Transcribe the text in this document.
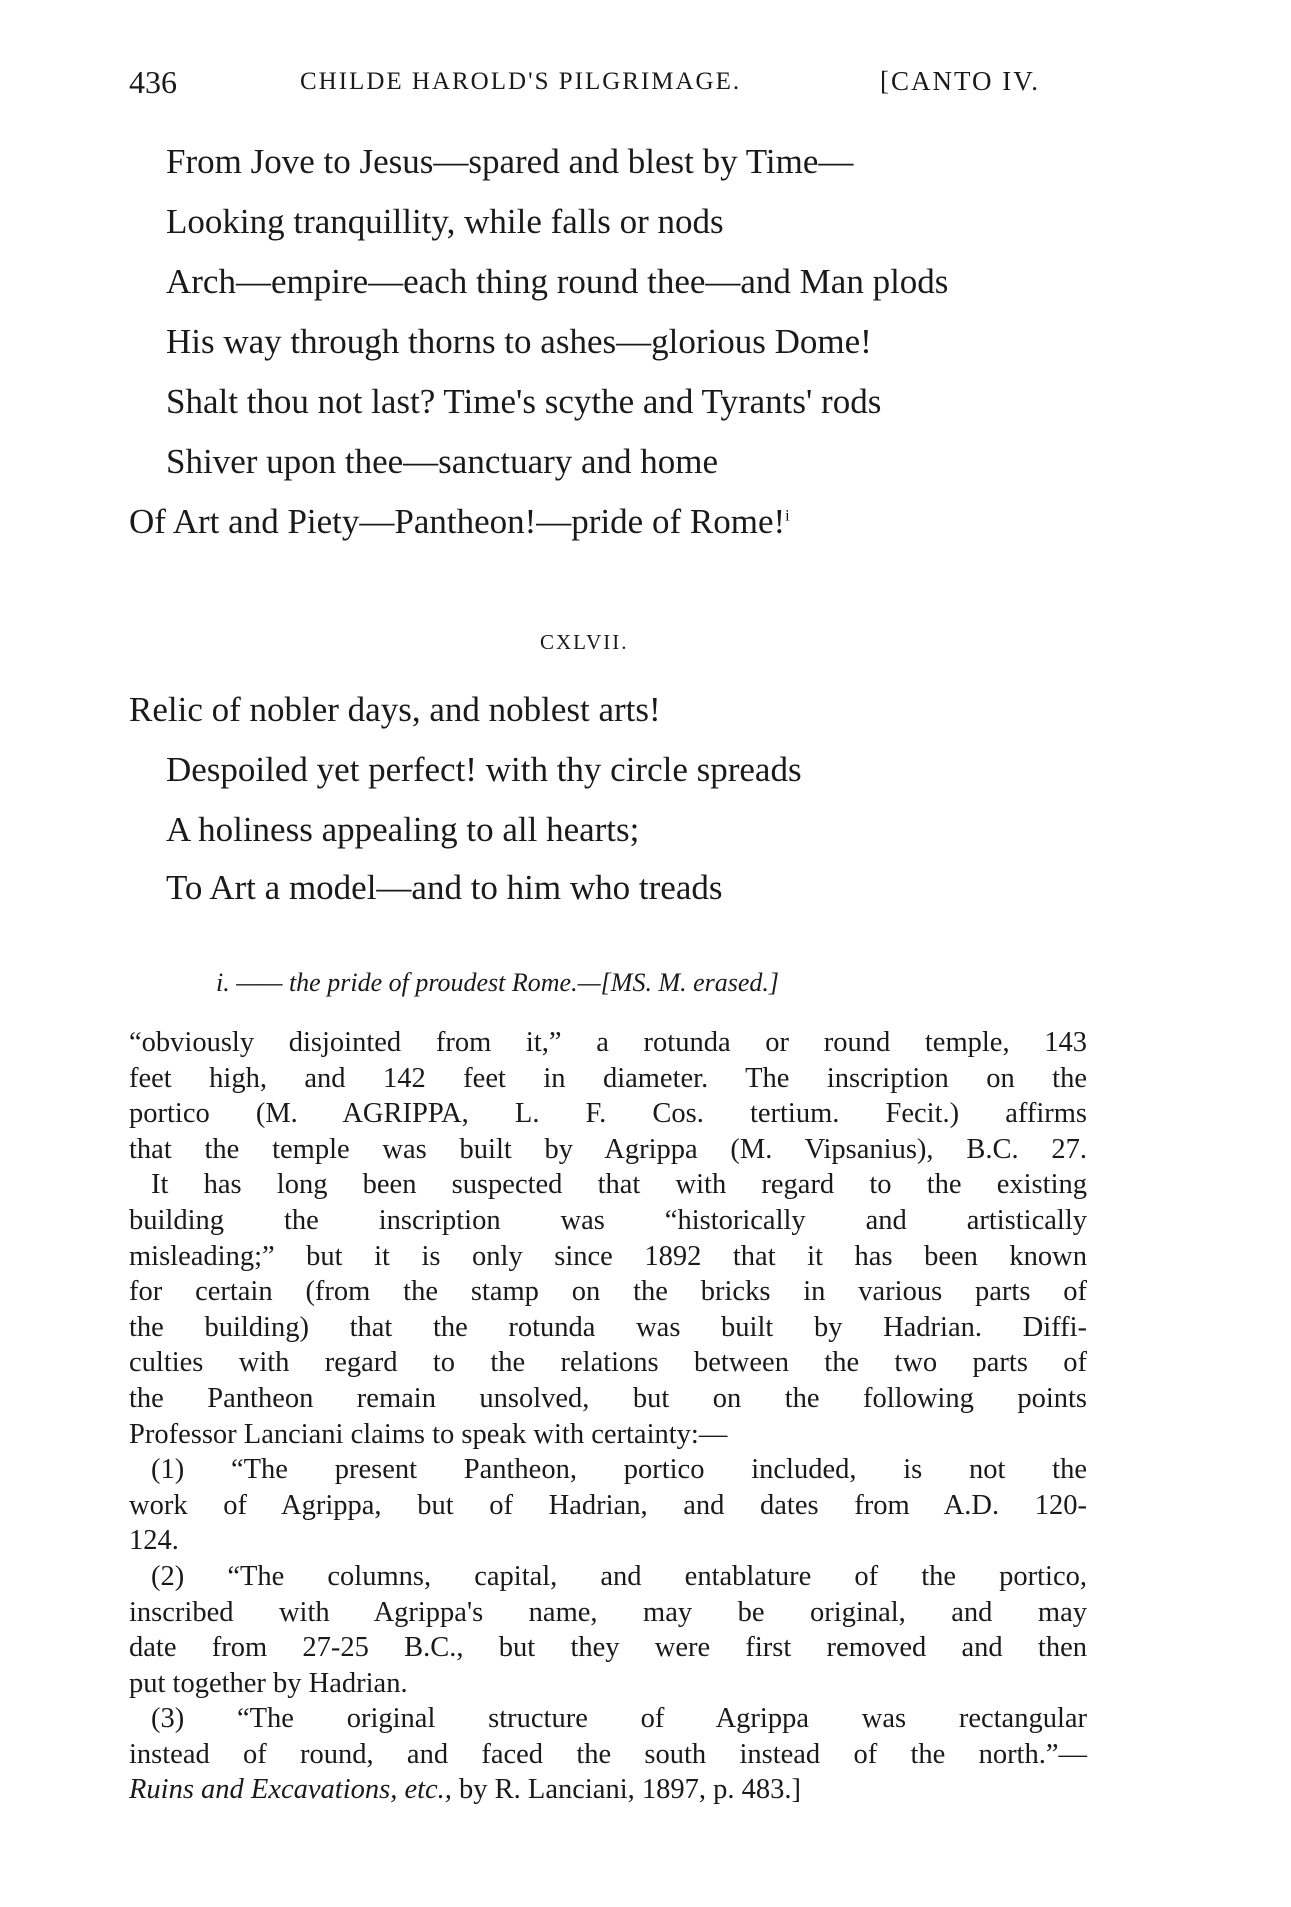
436	CHILDE HAROLD'S PILGRIMAGE.	[CANTO IV.
From Jove to Jesus—spared and blest by Time—
Looking tranquillity, while falls or nods
Arch—empire—each thing round thee—and Man plods
His way through thorns to ashes—glorious Dome!
Shalt thou not last? Time's scythe and Tyrants' rods
Shiver upon thee—sanctuary and home
Of Art and Piety—Pantheon!—pride of Rome!$^i$
CXLVII.
Relic of nobler days, and noblest arts!
Despoiled yet perfect! with thy circle spreads
A holiness appealing to all hearts;
To Art a model—and to him who treads
i. —— the pride of proudest Rome.—[MS. M. erased.]
“obviously disjointed from it,” a rotunda or round temple, 143
feet high, and 142 feet in diameter. The inscription on the
portico (M. AGRIPPA, L. F. Cos. tertium. Fecit.) affirms
that the temple was built by Agrippa (M. Vipsanius), B.C. 27.
It has long been suspected that with regard to the existing
building the inscription was “historically and artistically
misleading;” but it is only since 1892 that it has been known
for certain (from the stamp on the bricks in various parts of
the building) that the rotunda was built by Hadrian. Diffi-
culties with regard to the relations between the two parts of
the Pantheon remain unsolved, but on the following points
Professor Lanciani claims to speak with certainty:—
(1) “The present Pantheon, portico included, is not the
work of Agrippa, but of Hadrian, and dates from A.D. 120-
124.
(2) “The columns, capital, and entablature of the portico,
inscribed with Agrippa's name, may be original, and may
date from 27-25 B.C., but they were first removed and then
put together by Hadrian.
(3) “The original structure of Agrippa was rectangular
instead of round, and faced the south instead of the north.”—
Ruins and Excavations, etc., by R. Lanciani, 1897, p. 483.]
